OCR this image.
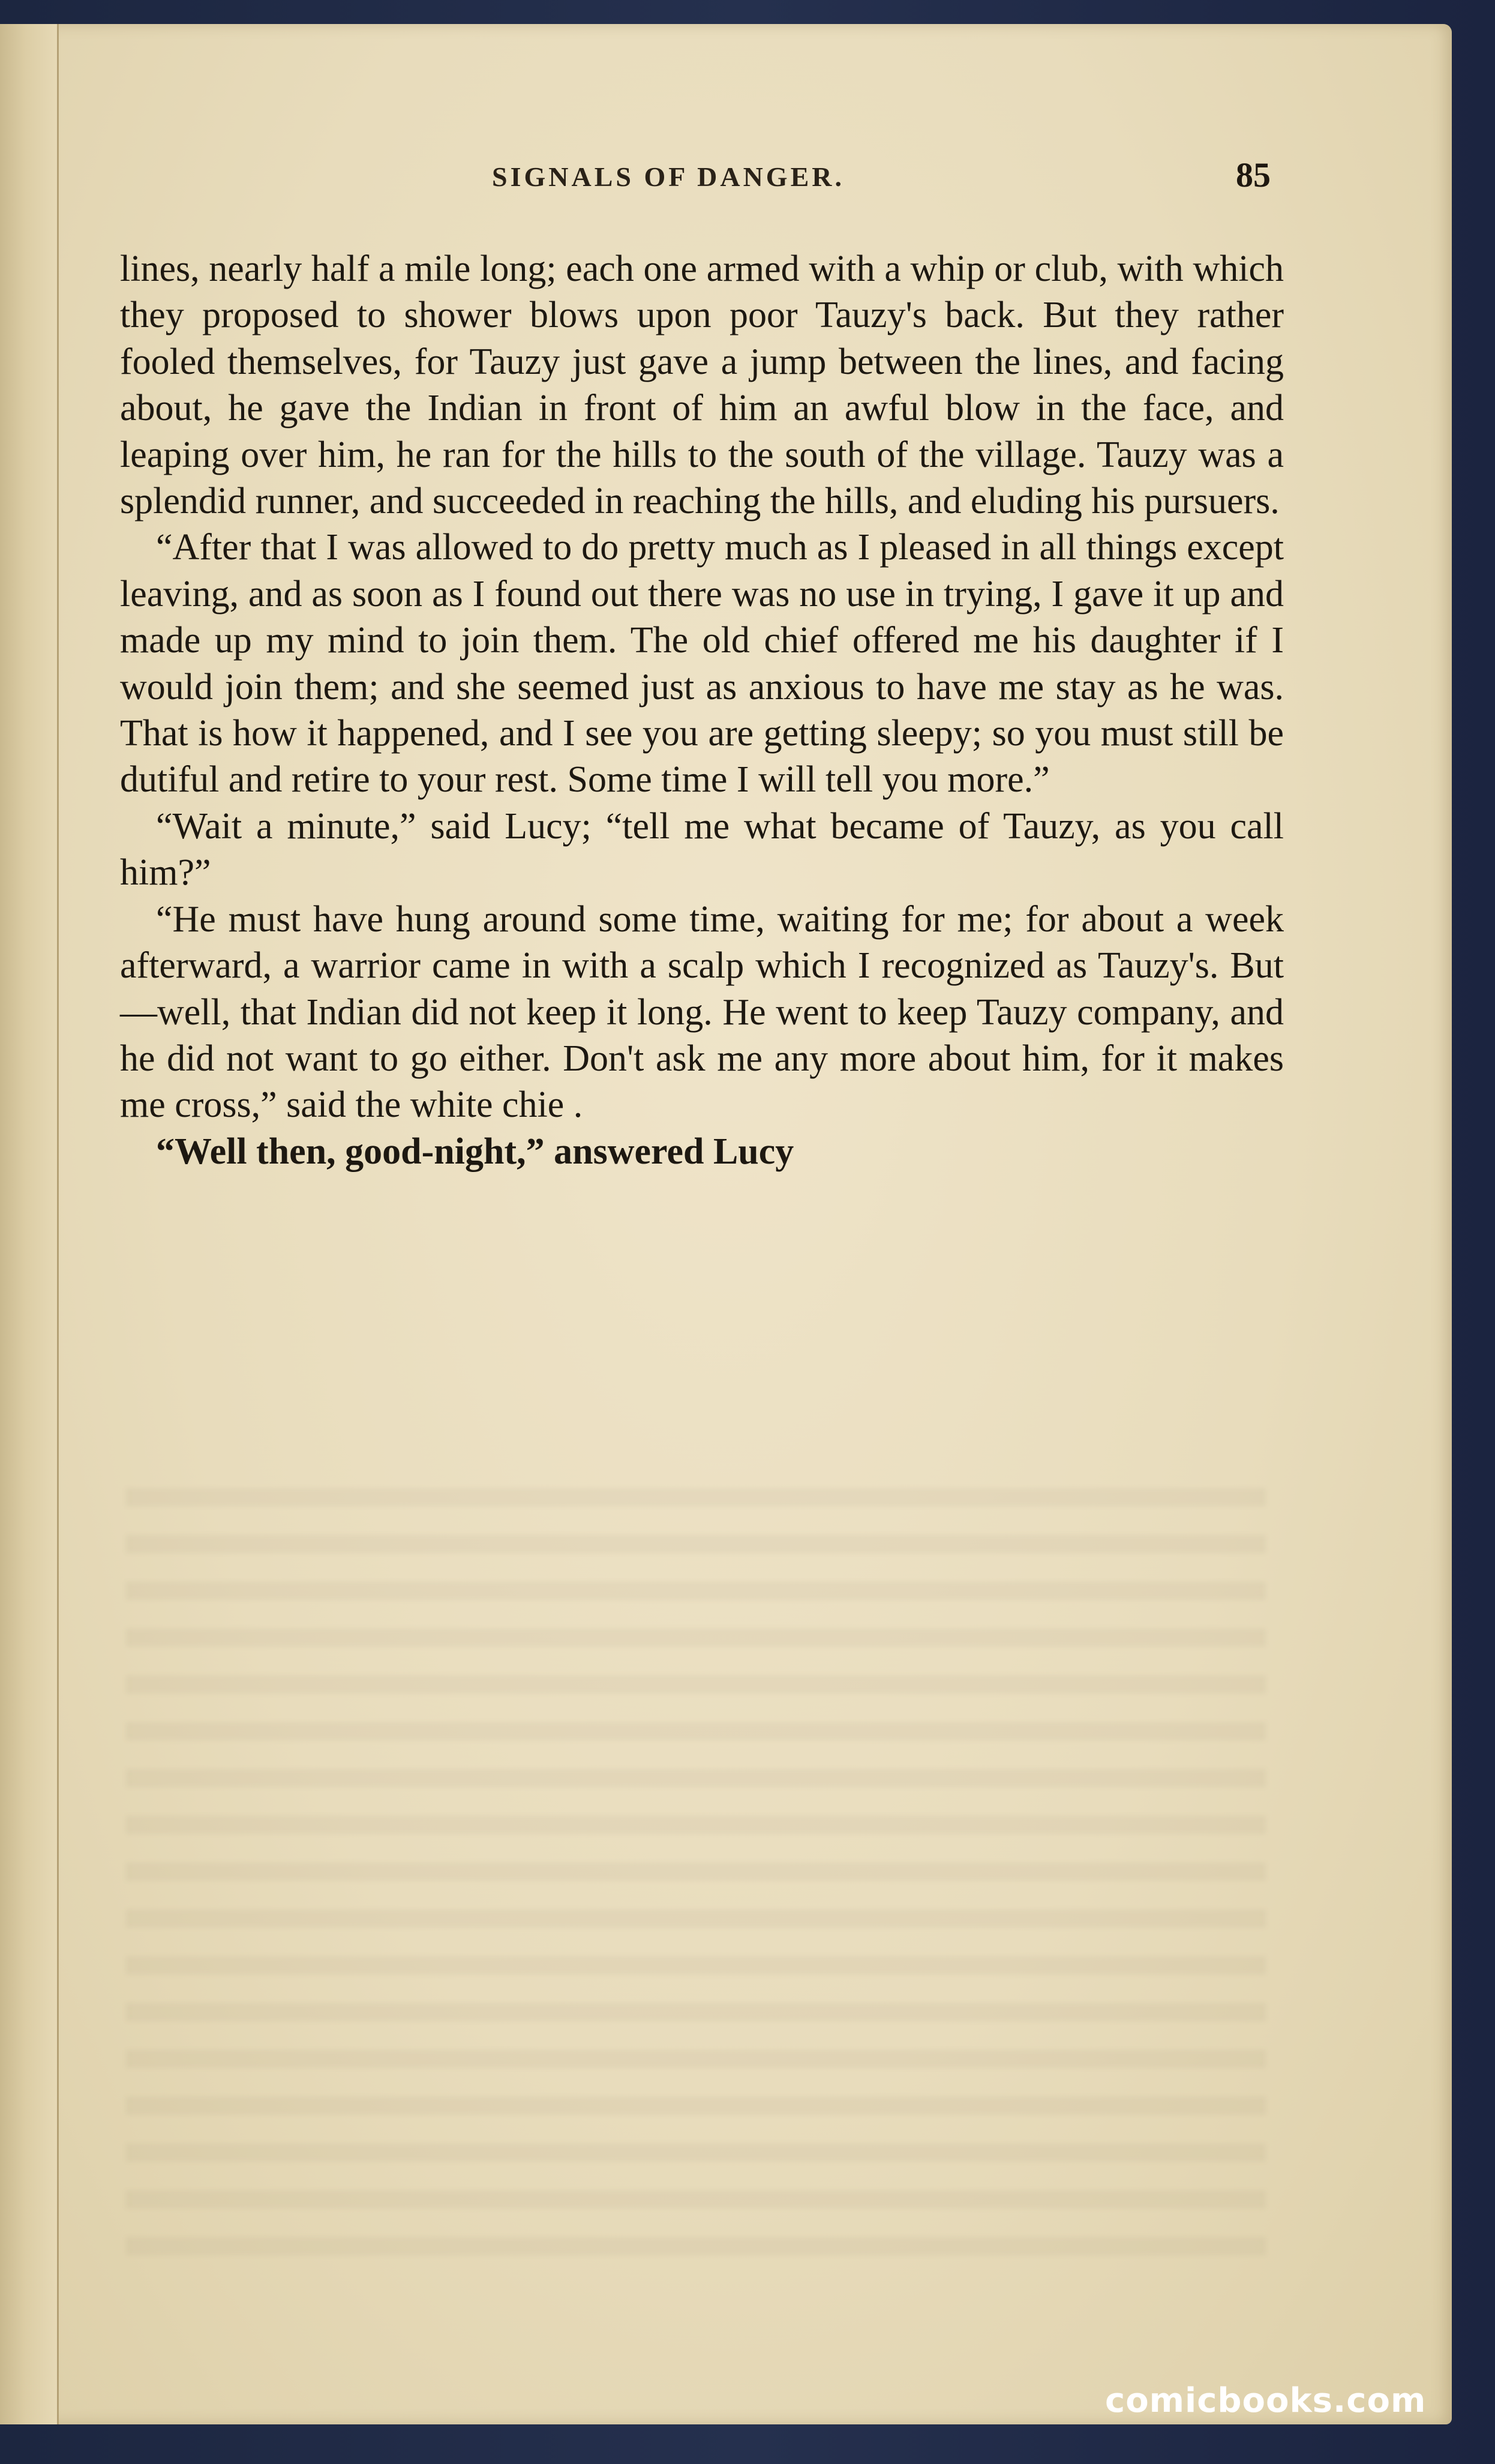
SIGNALS OF DANGER.	85

lines, nearly half a mile long; each one armed with a whip or club, with which they proposed to shower blows upon poor Tauzy's back. But they rather fooled themselves, for Tauzy just gave a jump between the lines, and facing about, he gave the Indian in front of him an awful blow in the face, and leaping over him, he ran for the hills to the south of the village. Tauzy was a splendid runner, and succeeded in reaching the hills, and eluding his pursuers.

“After that I was allowed to do pretty much as I pleased in all things except leaving, and as soon as I found out there was no use in trying, I gave it up and made up my mind to join them. The old chief offered me his daughter if I would join them; and she seemed just as anxious to have me stay as he was. That is how it happened, and I see you are getting sleepy; so you must still be dutiful and retire to your rest. Some time I will tell you more.”

“Wait a minute,” said Lucy; “tell me what became of Tauzy, as you call him?”

“He must have hung around some time, waiting for me; for about a week afterward, a warrior came in with a scalp which I recognized as Tauzy's. But—well, that Indian did not keep it long. He went to keep Tauzy company, and he did not want to go either. Don't ask me any more about him, for it makes me cross,” said the white chie .

“Well then, good-night,” answered Lucy

comicbooks.com
